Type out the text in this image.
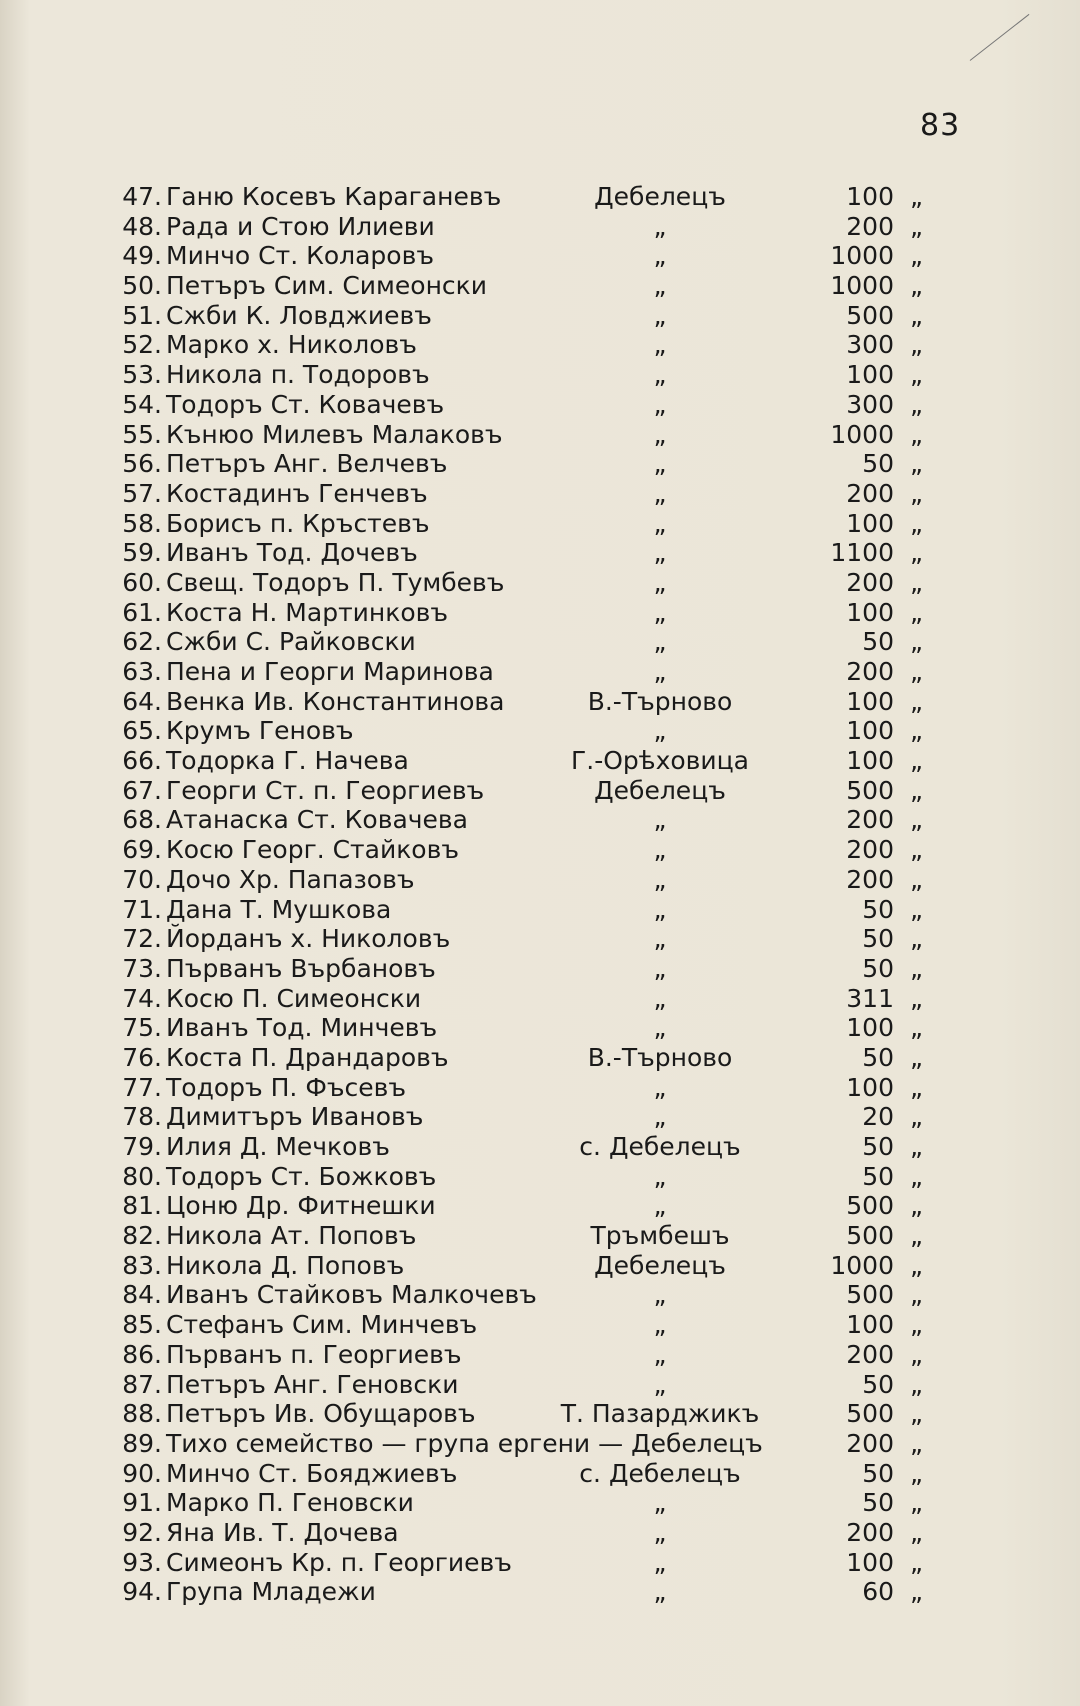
83
47. Ганю Косевъ Караганевъ	Дебелецъ	100 „
48. Рада и Стою Илиеви	„	200 „
49. Минчо Ст. Коларовъ	„	1000 „
50. Петъръ Сим. Симеонски	„	1000 „
51. Сжби К. Ловджиевъ	„	500 „
52. Марко х. Николовъ	„	300 „
53. Никола п. Тодоровъ	„	100 „
54. Тодоръ Ст. Ковачевъ	„	300 „
55. Кънюо Милевъ Малаковъ	„	1000 „
56. Петъръ Анг. Велчевъ	„	50 „
57. Костадинъ Генчевъ	„	200 „
58. Борисъ п. Кръстевъ	„	100 „
59. Иванъ Тод. Дочевъ	„	1100 „
60. Свещ. Тодоръ П. Тумбевъ	„	200 „
61. Коста Н. Мартинковъ	„	100 „
62. Сжби С. Райковски	„	50 „
63. Пена и Георги Маринова	„	200 „
64. Венка Ив. Константинова	В.-Търново	100 „
65. Крумъ Геновъ	„	100 „
66. Тодорка Г. Начева	Г.-Орѣховица	100 „
67. Георги Ст. п. Георгиевъ	Дебелецъ	500 „
68. Атанаска Ст. Ковачева	„	200 „
69. Косю Георг. Стайковъ	„	200 „
70. Дочо Хр. Папазовъ	„	200 „
71. Дана Т. Мушкова	„	50 „
72. Йорданъ х. Николовъ	„	50 „
73. Първанъ Върбановъ	„	50 „
74. Косю П. Симеонски	„	311 „
75. Иванъ Тод. Минчевъ	„	100 „
76. Коста П. Драндаровъ	В.-Търново	50 „
77. Тодоръ П. Фъсевъ	„	100 „
78. Димитъръ Ивановъ	„	20 „
79. Илия Д. Мечковъ	с. Дебелецъ	50 „
80. Тодоръ Ст. Божковъ	„	50 „
81. Цоню Др. Фитнешки	„	500 „
82. Никола Ат. Поповъ	Тръмбешъ	500 „
83. Никола Д. Поповъ	Дебелецъ	1000 „
84. Иванъ Стайковъ Малкочевъ	„	500 „
85. Стефанъ Сим. Минчевъ	„	100 „
86. Първанъ п. Георгиевъ	„	200 „
87. Петъръ Анг. Геновски	„	50 „
88. Петъръ Ив. Обущаровъ	Т. Пазарджикъ	500 „
89. Тихо семейство — група ергени — Дебелецъ	200 „
90. Минчо Ст. Бояджиевъ	с. Дебелецъ	50 „
91. Марко П. Геновски	„	50 „
92. Яна Ив. Т. Дочева	„	200 „
93. Симеонъ Кр. п. Георгиевъ	„	100 „
94. Група Младежи	„	60 „
